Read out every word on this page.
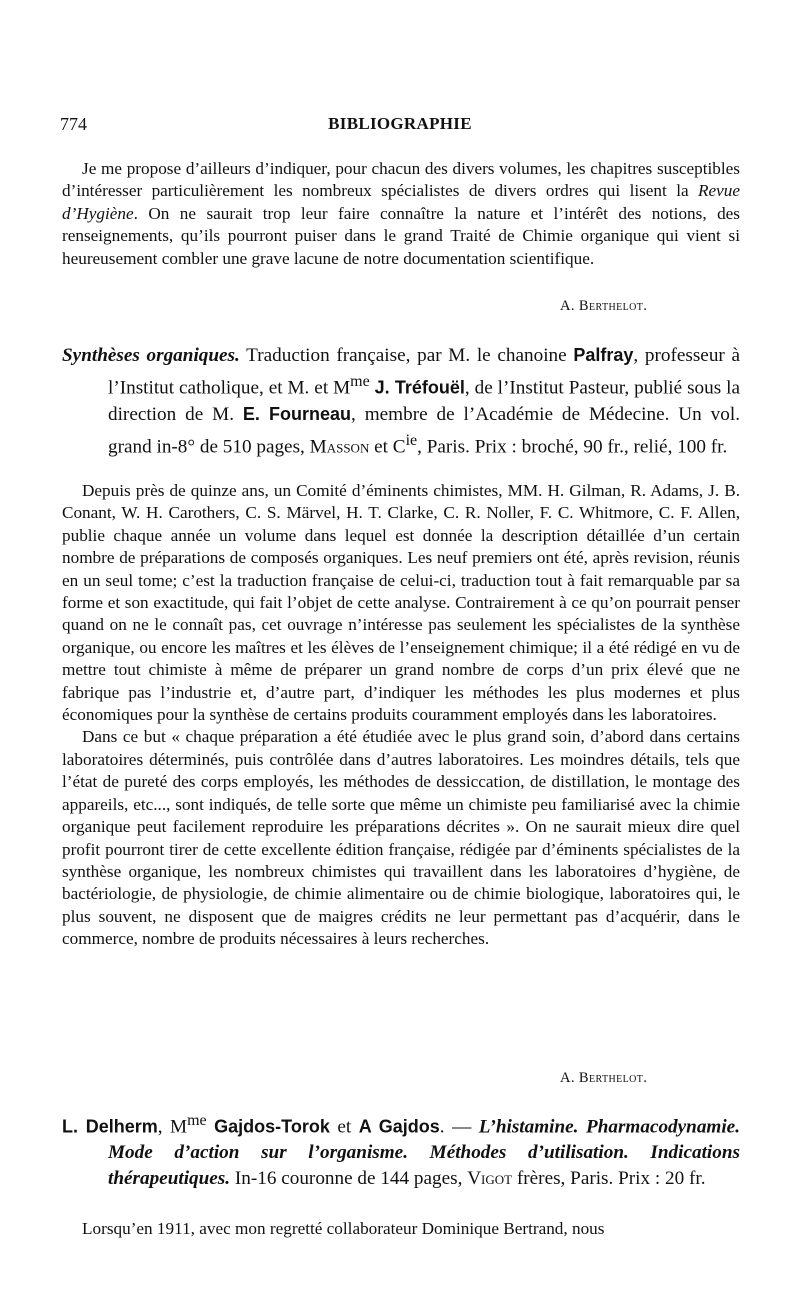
774	BIBLIOGRAPHIE

Je me propose d’ailleurs d’indiquer, pour chacun des divers volumes, les chapitres susceptibles d’intéresser particulièrement les nombreux spécialistes de divers ordres qui lisent la Revue d’Hygiène. On ne saurait trop leur faire connaître la nature et l’intérêt des notions, des renseignements, qu’ils pourront puiser dans le grand Traité de Chimie organique qui vient si heureusement combler une grave lacune de notre documentation scientifique.

A. Berthelot.
Synthèses organiques. Traduction française, par M. le chanoine Palfray, professeur à l’Institut catholique, et M. et $M^{me}$ J. Tréfouël, de l’Institut Pasteur, publié sous la direction de M. E. Fourneau, membre de l’Académie de Médecine. Un vol. grand in-8° de 510 pages, Masson et $C^{ie}$, Paris. Prix : broché, 90 fr., relié, 100 fr.

Depuis près de quinze ans, un Comité d’éminents chimistes, MM. H. Gilman, R. Adams, J. B. Conant, W. H. Carothers, C. S. Märvel, H. T. Clarke, C. R. Noller, F. C. Whitmore, C. F. Allen, publie chaque année un volume dans lequel est donnée la description détaillée d’un certain nombre de préparations de composés organiques. Les neuf premiers ont été, après revision, réunis en un seul tome; c’est la traduction française de celui-ci, traduction tout à fait remarquable par sa forme et son exactitude, qui fait l’objet de cette analyse. Contrairement à ce qu’on pourrait penser quand on ne le connaît pas, cet ouvrage n’intéresse pas seulement les spécialistes de la synthèse organique, ou encore les maîtres et les élèves de l’enseignement chimique; il a été rédigé en vu de mettre tout chimiste à même de préparer un grand nombre de corps d’un prix élevé que ne fabrique pas l’industrie et, d’autre part, d’indiquer les méthodes les plus modernes et plus économiques pour la synthèse de certains produits couramment employés dans les laboratoires.

Dans ce but « chaque préparation a été étudiée avec le plus grand soin, d’abord dans certains laboratoires déterminés, puis contrôlée dans d’autres laboratoires. Les moindres détails, tels que l’état de pureté des corps employés, les méthodes de dessiccation, de distillation, le montage des appareils, etc..., sont indiqués, de telle sorte que même un chimiste peu familiarisé avec la chimie organique peut facilement reproduire les préparations décrites ». On ne saurait mieux dire quel profit pourront tirer de cette excellente édition française, rédigée par d’éminents spécialistes de la synthèse organique, les nombreux chimistes qui travaillent dans les laboratoires d’hygiène, de bactériologie, de physiologie, de chimie alimentaire ou de chimie biologique, laboratoires qui, le plus souvent, ne disposent que de maigres crédits ne leur permettant pas d’acquérir, dans le commerce, nombre de produits nécessaires à leurs recherches.

A. Berthelot.
L. Delherm, $M^{me}$ Gajdos-Torok et A Gajdos. — L’histamine. Pharmacodynamie. Mode d’action sur l’organisme. Méthodes d’utilisation. Indications thérapeutiques. In-16 couronne de 144 pages, Vigot frères, Paris. Prix : 20 fr.

Lorsqu’en 1911, avec mon regretté collaborateur Dominique Bertrand, nous
